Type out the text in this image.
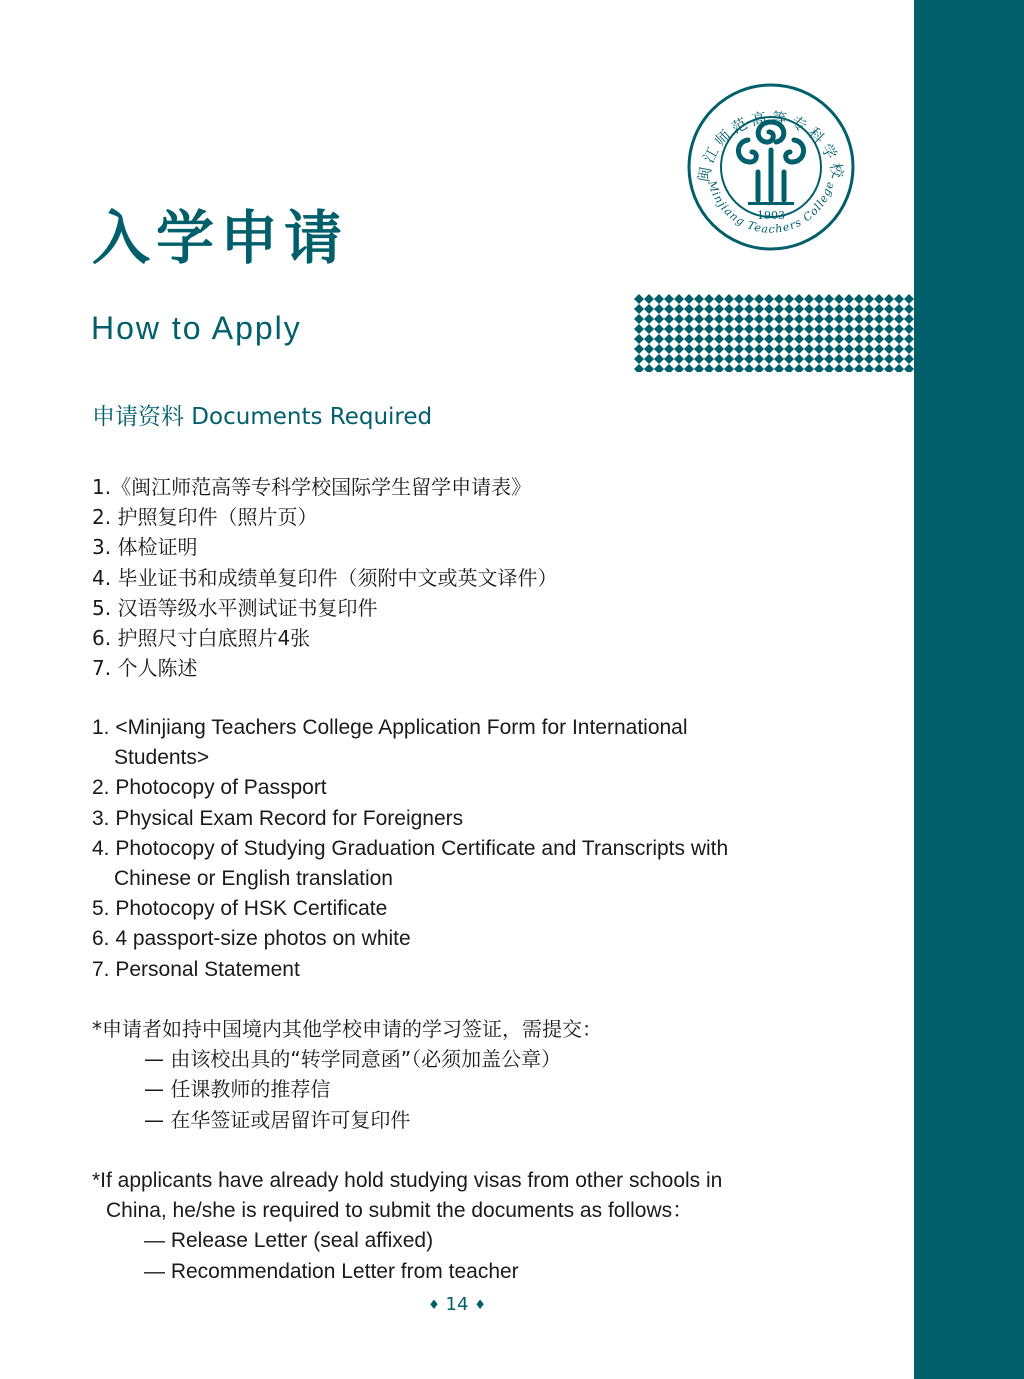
闽江师范高等专科学校
Minjiang Teachers College
1903
入学申请
How to Apply
申请资料 Documents Required
1.《闽江师范高等专科学校国际学生留学申请表》
2. 护照复印件（照片页）
3. 体检证明
4. 毕业证书和成绩单复印件（须附中文或英文译件）
5. 汉语等级水平测试证书复印件
6. 护照尺寸白底照片4张
7. 个人陈述
1. <Minjiang Teachers College Application Form for International Students>
2. Photocopy of Passport
3. Physical Exam Record for Foreigners
4. Photocopy of Studying Graduation Certificate and Transcripts with Chinese or English translation
5. Photocopy of HSK Certificate
6. 4 passport-size photos on white
7. Personal Statement
*申请者如持中国境内其他学校申请的学习签证，需提交：
— 由该校出具的“转学同意函”（必须加盖公章）
— 任课教师的推荐信
— 在华签证或居留许可复印件
*If applicants have already hold studying visas from other schools in
China, he/she is required to submit the documents as follows：
— Release Letter (seal affixed)
— Recommendation Letter from teacher
♦ 14 ♦
